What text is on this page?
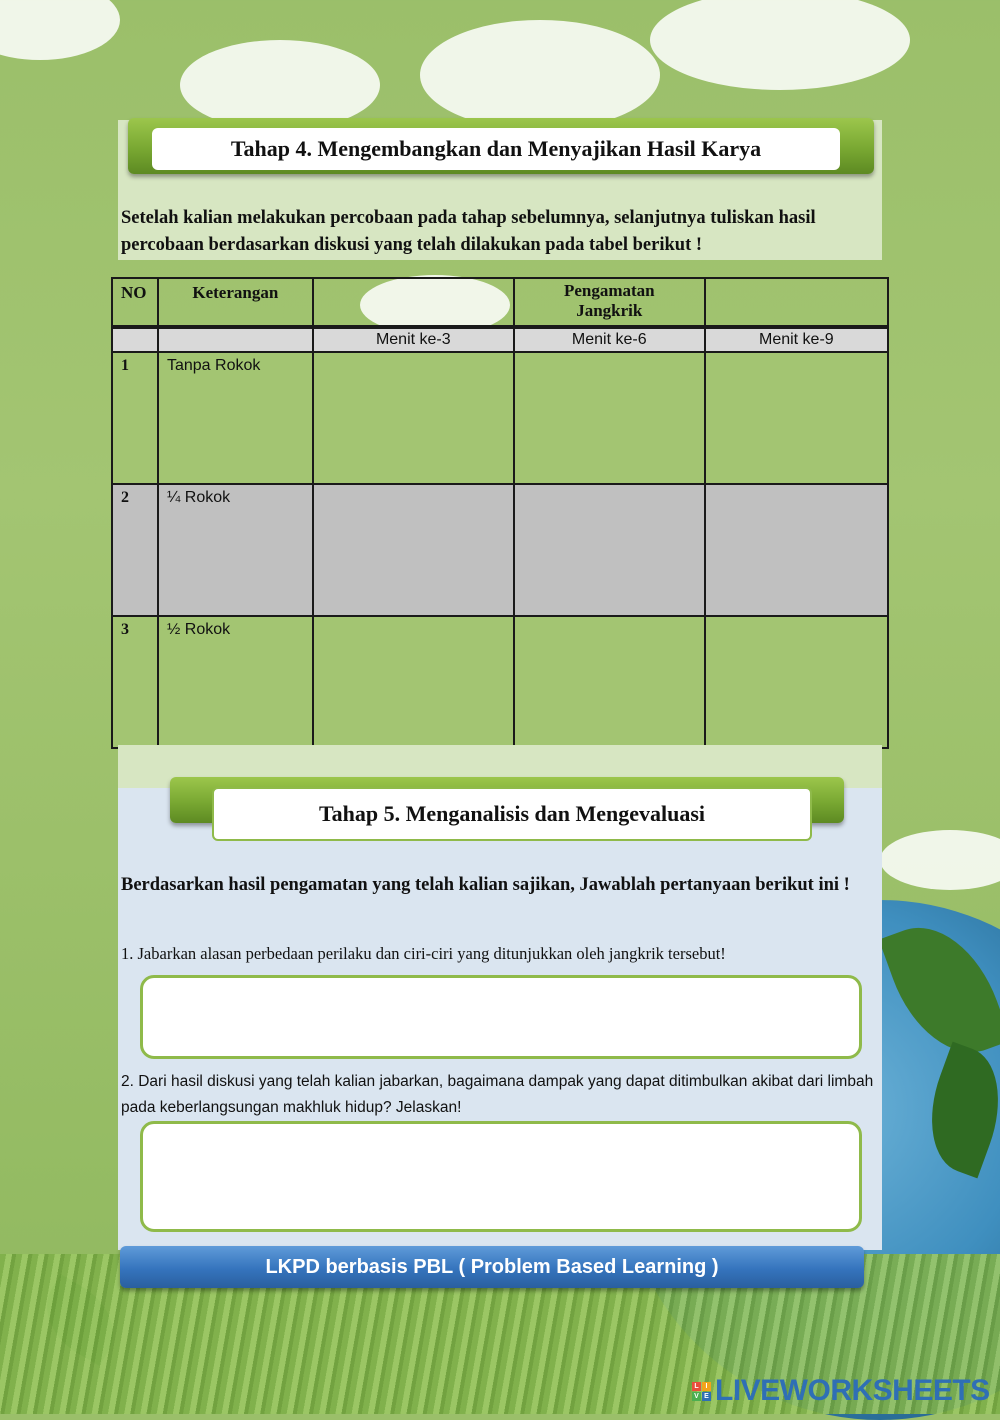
Tahap 4. Mengembangkan dan Menyajikan Hasil Karya
Setelah kalian melakukan percobaan pada tahap sebelumnya, selanjutnya tuliskan hasil percobaan berdasarkan diskusi yang telah dilakukan pada tabel berikut !
NO	Keterangan		Pengamatan Jangkrik	
		Menit ke-3	Menit ke-6	Menit ke-9
1	Tanpa Rokok			
2	¼ Rokok			
3	½ Rokok			
Tahap 5. Menganalisis dan Mengevaluasi
Berdasarkan hasil pengamatan yang telah kalian sajikan, Jawablah pertanyaan berikut ini !
1. Jabarkan alasan perbedaan perilaku dan ciri-ciri yang ditunjukkan oleh jangkrik tersebut!
2. Dari hasil diskusi yang telah kalian jabarkan, bagaimana dampak yang dapat ditimbulkan akibat dari limbah pada keberlangsungan makhluk hidup? Jelaskan!
LKPD berbasis PBL ( Problem Based Learning )
L I
V E LIVEWORKSHEETS
